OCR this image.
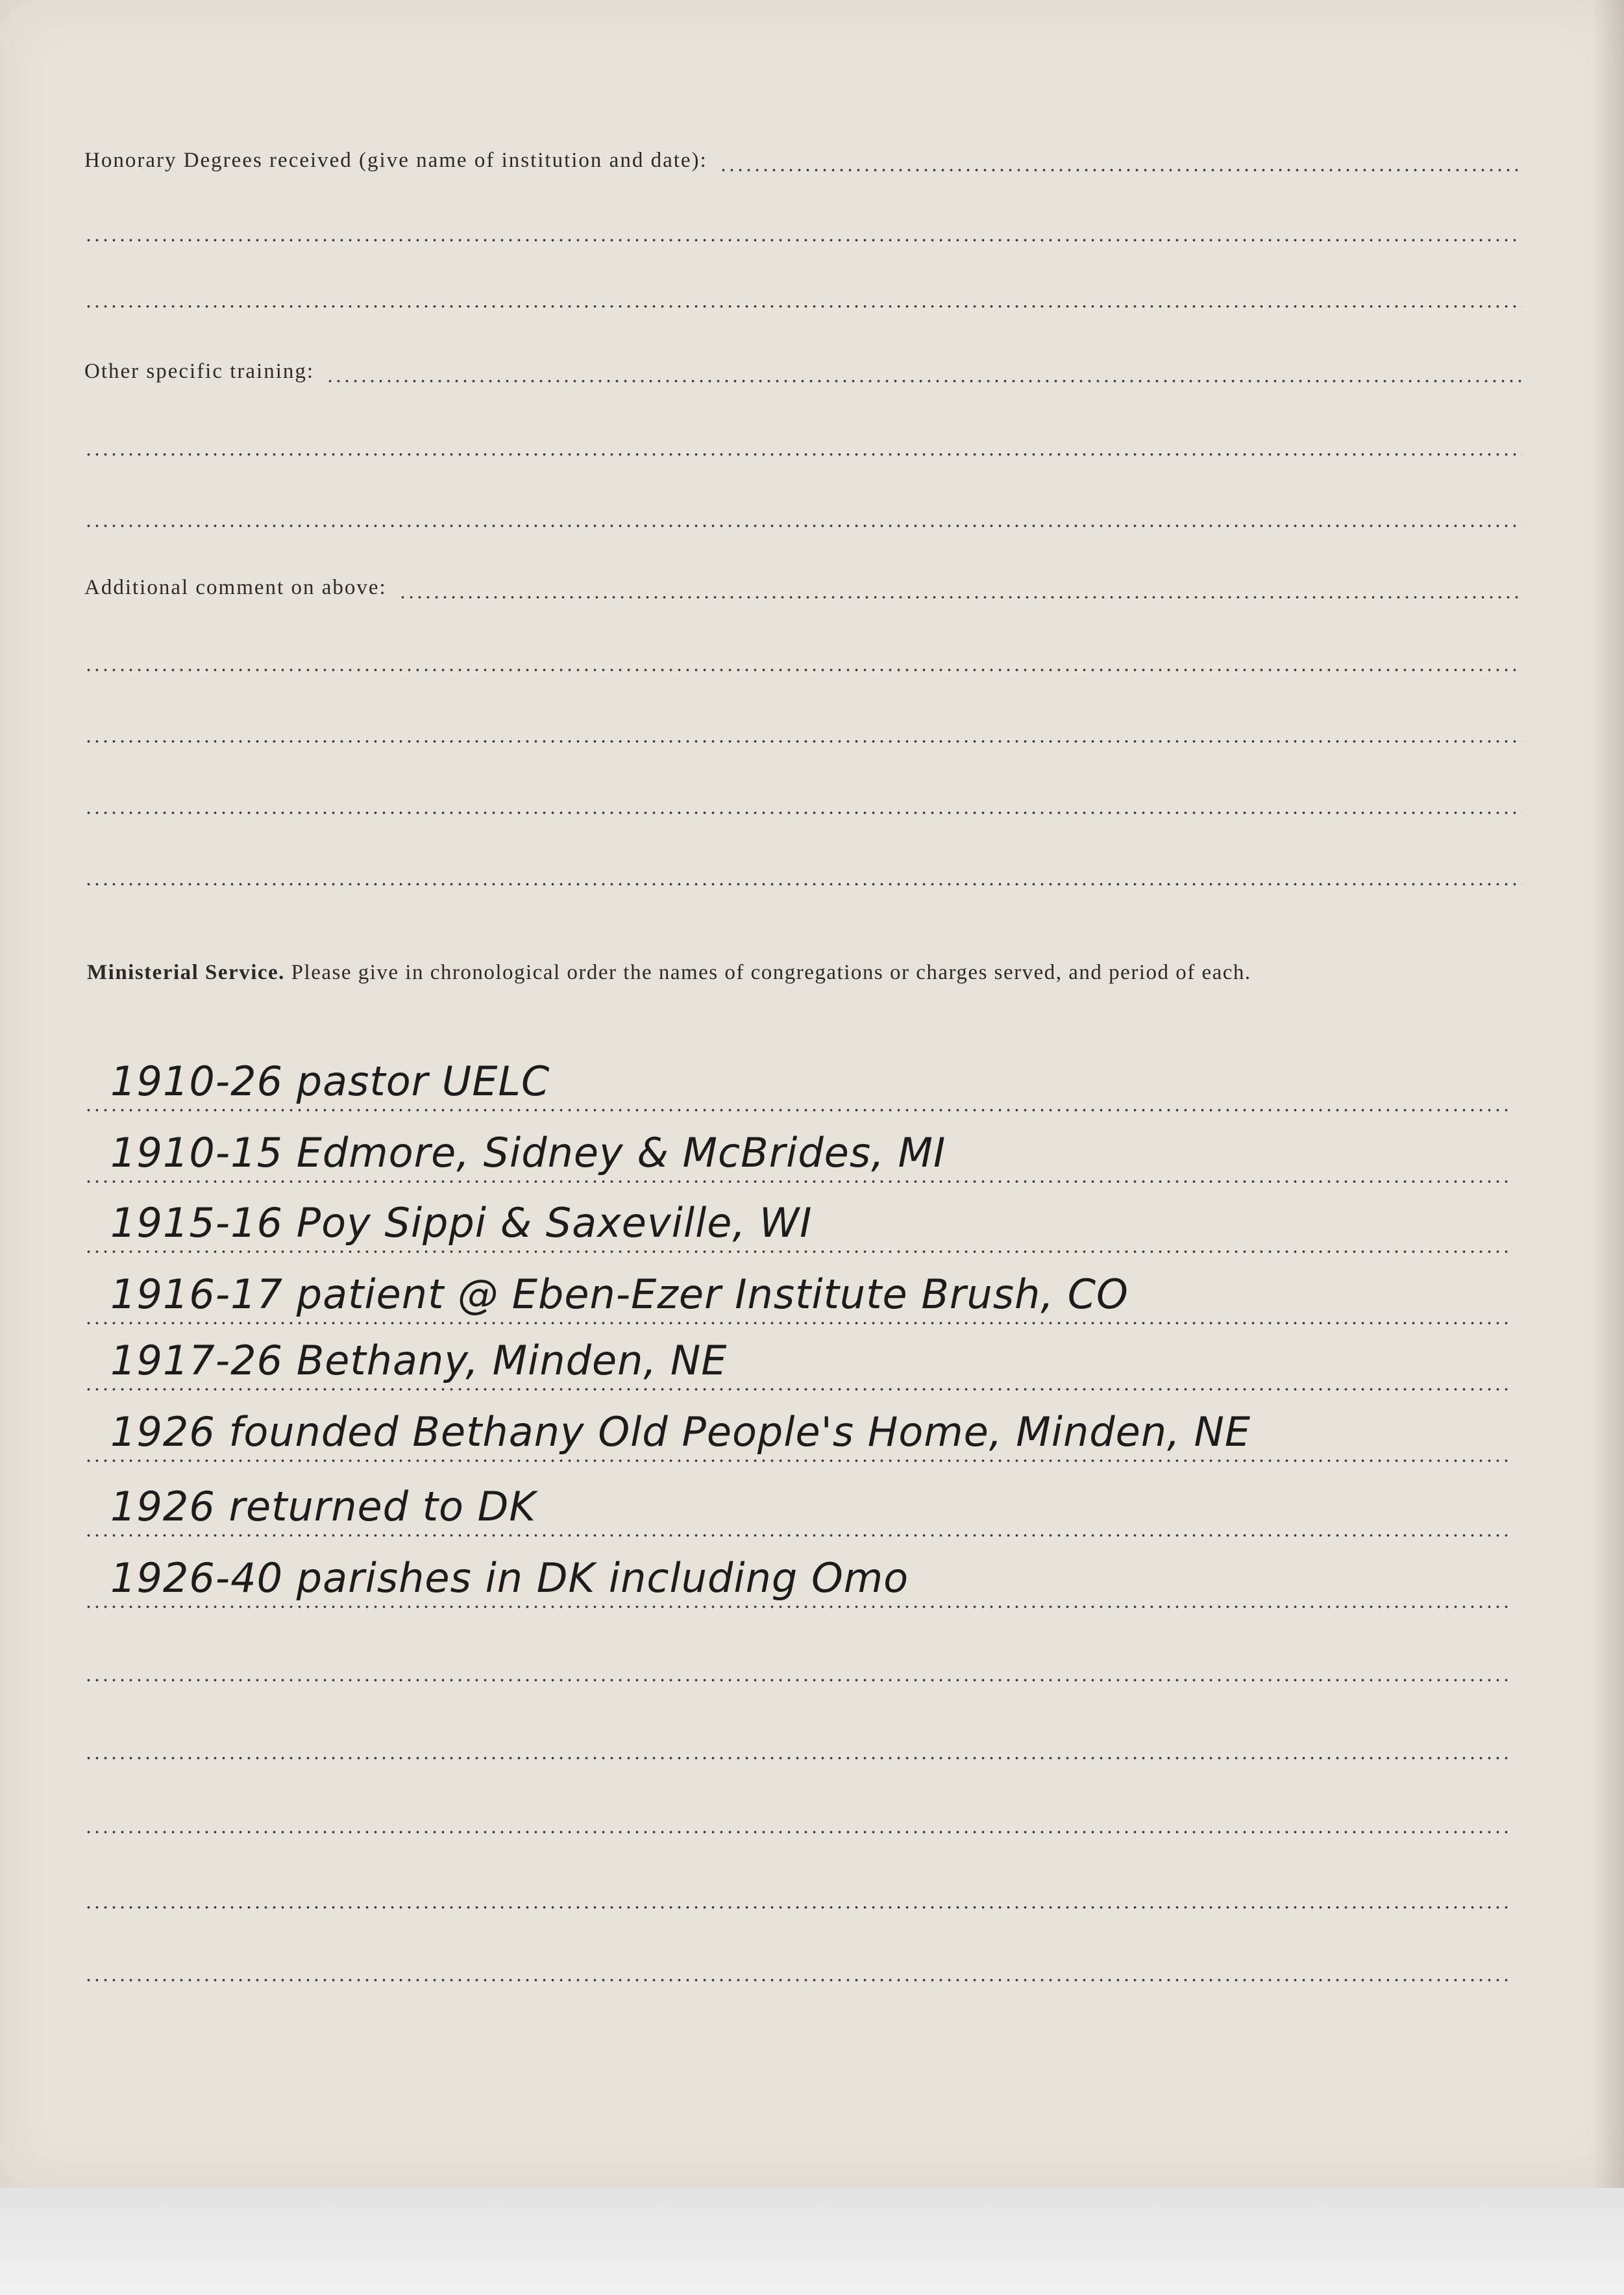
Honorary Degrees received (give name of institution and date):
Other specific training:
Additional comment on above:
Ministerial Service. Please give in chronological order the names of congregations or charges served, and period of each.
1910-26 pastor UELC
1910-15 Edmore, Sidney & McBrides, MI
1915-16 Poy Sippi & Saxeville, WI
1916-17 patient @ Eben-Ezer Institute Brush, CO
1917-26 Bethany, Minden, NE
1926 founded Bethany Old People's Home, Minden, NE
1926 returned to DK
1926-40 parishes in DK including Omo
